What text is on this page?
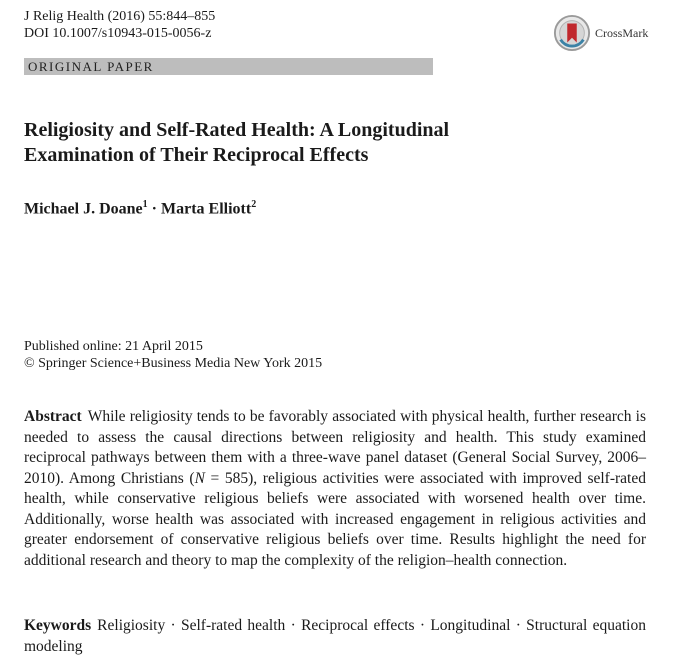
J Relig Health (2016) 55:844–855
DOI 10.1007/s10943-015-0056-z	CrossMark
ORIGINAL PAPER
Religiosity and Self-Rated Health: A Longitudinal
Examination of Their Reciprocal Effects
Michael J. Doane$^1$ · Marta Elliott$^2$
Published online: 21 April 2015
© Springer Science+Business Media New York 2015

Abstract While religiosity tends to be favorably associated with physical health, further research is needed to assess the causal directions between religiosity and health. This study examined reciprocal pathways between them with a three-wave panel dataset (General Social Survey, 2006–2010). Among Christians (N = 585), religious activities were associated with improved self-rated health, while conservative religious beliefs were associated with worsened health over time. Additionally, worse health was associated with increased engagement in religious activities and greater endorsement of conservative religious beliefs over time. Results highlight the need for additional research and theory to map the complexity of the religion–health connection.

Keywords Religiosity · Self-rated health · Reciprocal effects · Longitudinal · Structural equation modeling
